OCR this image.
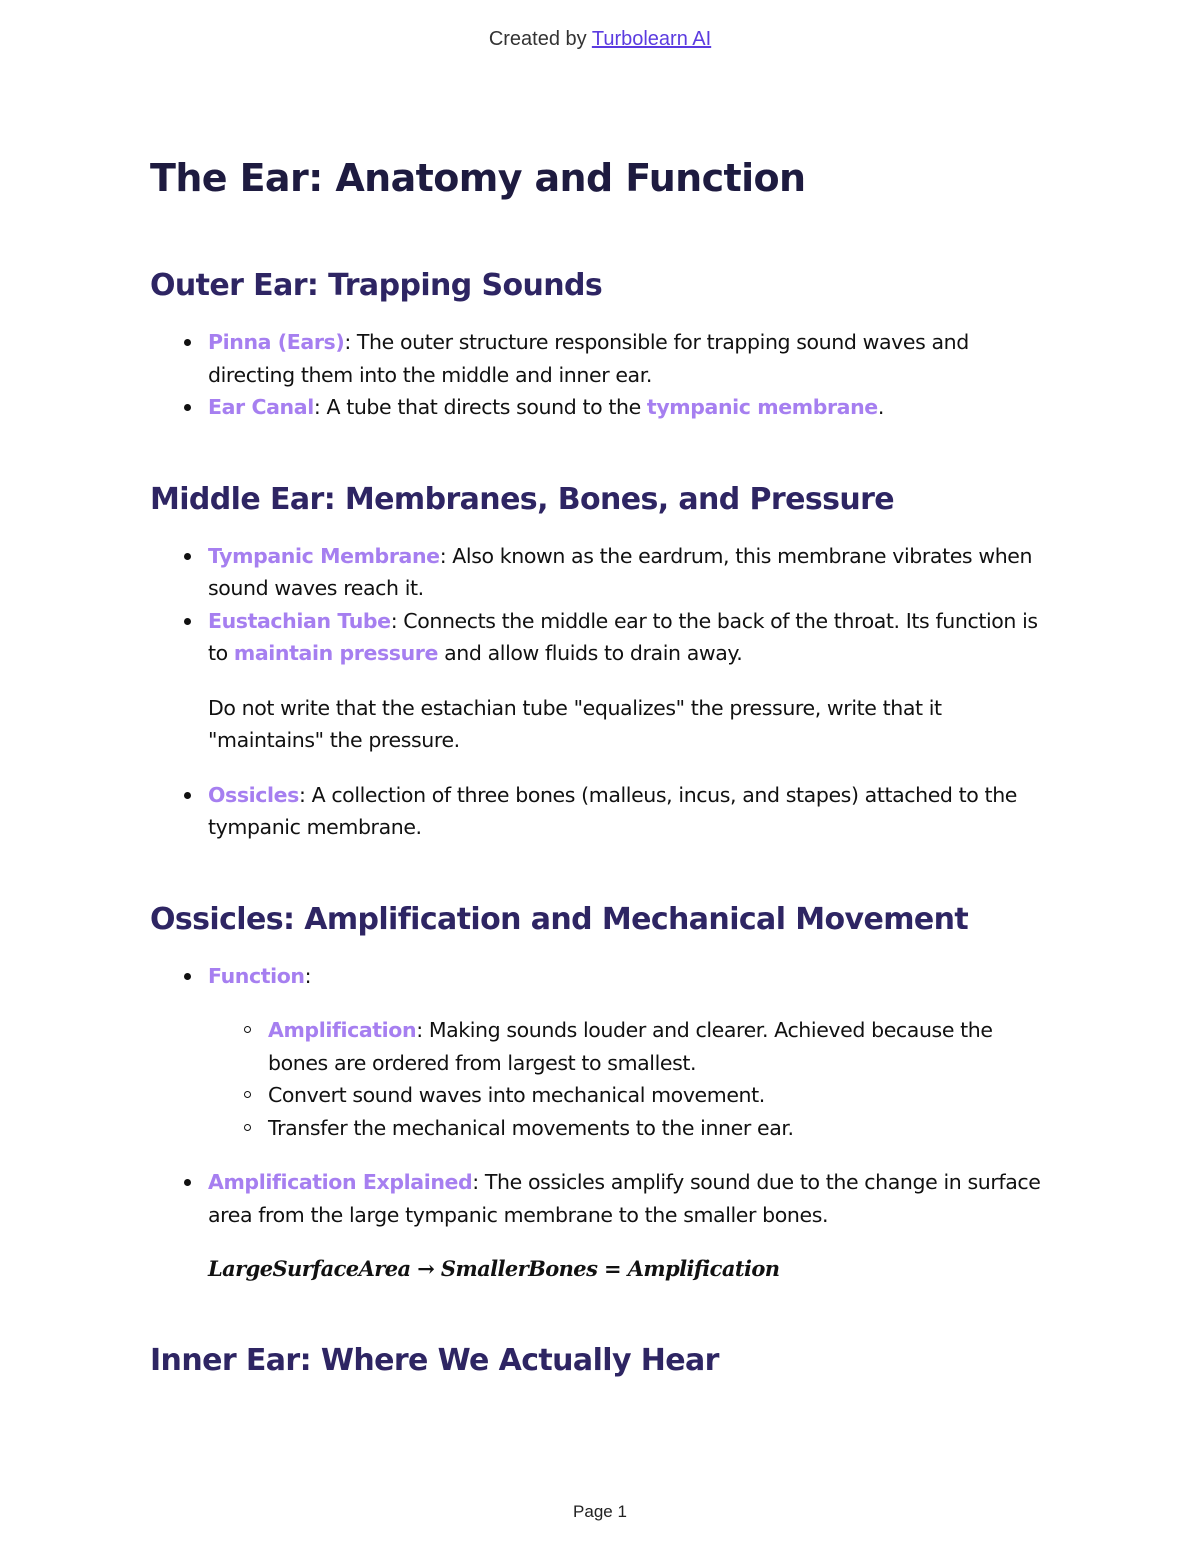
Created by Turbolearn AI
The Ear: Anatomy and Function
Outer Ear: Trapping Sounds
Pinna (Ears): The outer structure responsible for trapping sound waves and directing them into the middle and inner ear.
Ear Canal: A tube that directs sound to the tympanic membrane.
Middle Ear: Membranes, Bones, and Pressure
Tympanic Membrane: Also known as the eardrum, this membrane vibrates when sound waves reach it.
Eustachian Tube: Connects the middle ear to the back of the throat. Its function is to maintain pressure and allow fluids to drain away.
Do not write that the estachian tube "equalizes" the pressure, write that it "maintains" the pressure.
Ossicles: A collection of three bones (malleus, incus, and stapes) attached to the tympanic membrane.
Ossicles: Amplification and Mechanical Movement
Function:
Amplification: Making sounds louder and clearer. Achieved because the bones are ordered from largest to smallest.
Convert sound waves into mechanical movement.
Transfer the mechanical movements to the inner ear.
Amplification Explained: The ossicles amplify sound due to the change in surface area from the large tympanic membrane to the smaller bones.
LargeSurfaceArea → SmallerBones = Amplification
Inner Ear: Where We Actually Hear
Page 1
